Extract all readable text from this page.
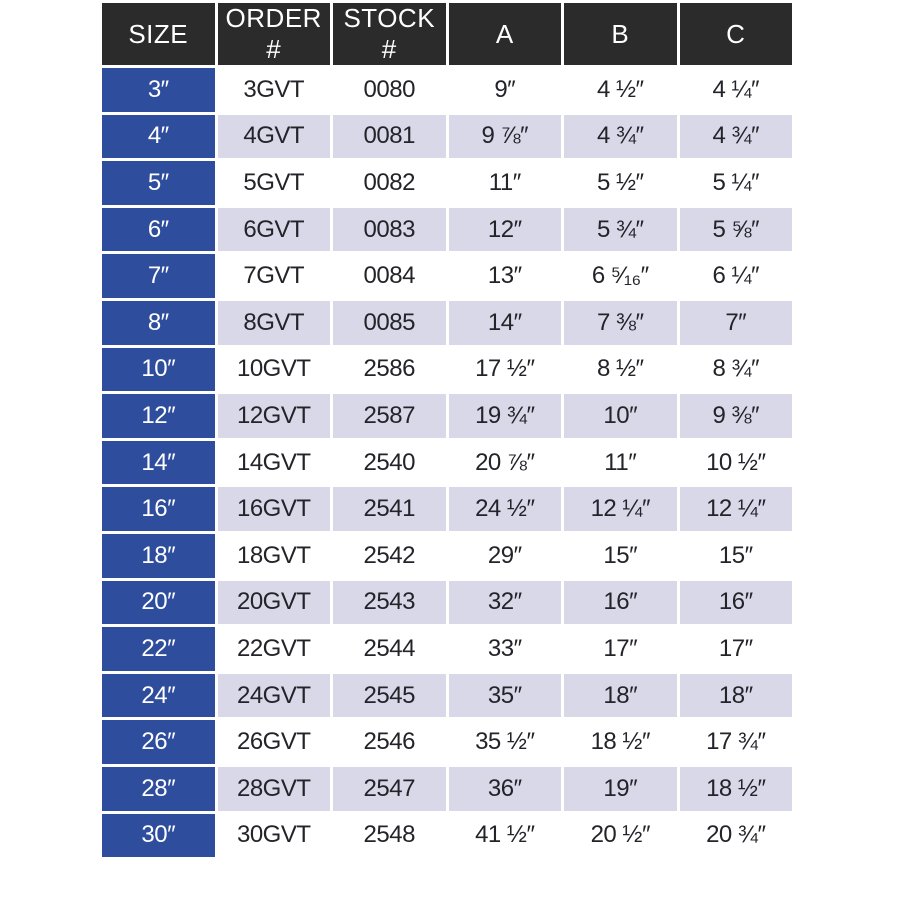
SIZE	ORDER #	STOCK #	A	B	C
3″	3GVT	0080	9″	4 ½″	4 ¼″
4″	4GVT	0081	9 ⅞″	4 ¾″	4 ¾″
5″	5GVT	0082	11″	5 ½″	5 ¼″
6″	6GVT	0083	12″	5 ¾″	5 ⅝″
7″	7GVT	0084	13″	6 ⁵⁄₁₆″	6 ¼″
8″	8GVT	0085	14″	7 ⅜″	7″
10″	10GVT	2586	17 ½″	8 ½″	8 ¾″
12″	12GVT	2587	19 ¾″	10″	9 ⅜″
14″	14GVT	2540	20 ⅞″	11″	10 ½″
16″	16GVT	2541	24 ½″	12 ¼″	12 ¼″
18″	18GVT	2542	29″	15″	15″
20″	20GVT	2543	32″	16″	16″
22″	22GVT	2544	33″	17″	17″
24″	24GVT	2545	35″	18″	18″
26″	26GVT	2546	35 ½″	18 ½″	17 ¾″
28″	28GVT	2547	36″	19″	18 ½″
30″	30GVT	2548	41 ½″	20 ½″	20 ¾″
